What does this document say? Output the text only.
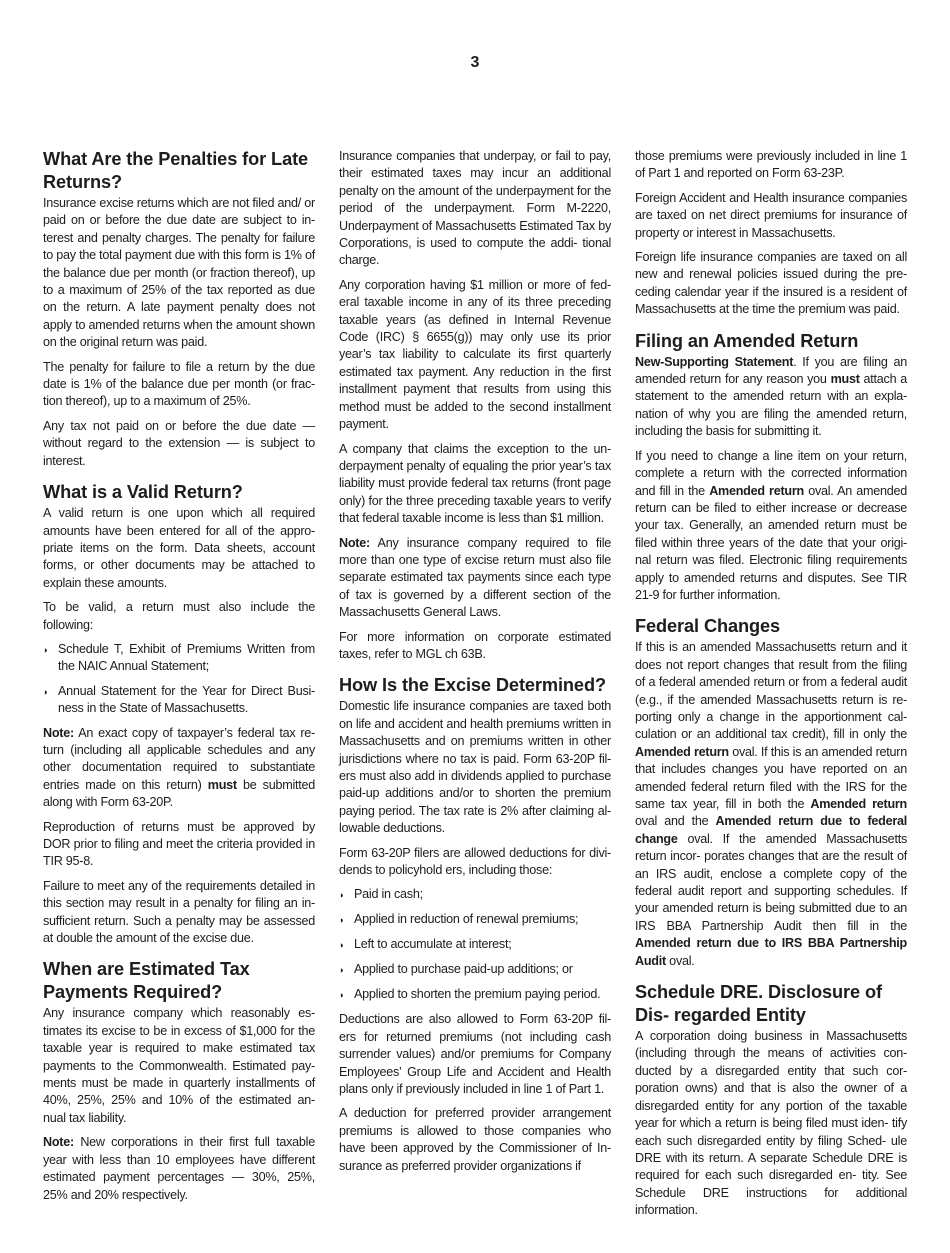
3
What Are the Penalties for Late Returns?

Insurance excise returns which are not filed and/ or paid on or before the due date are subject to in- terest and penalty charges. The penalty for failure to pay the total payment due with this form is 1% of the balance due per month (or fraction thereof), up to a maximum of 25% of the tax reported as due on the return. A late payment penalty does not apply to amended returns when the amount shown on the original return was paid.

The penalty for failure to file a return by the due date is 1% of the balance due per month (or frac- tion thereof), up to a maximum of 25%.

Any tax not paid on or before the due date — without regard to the extension — is subject to interest.

What is a Valid Return?

A valid return is one upon which all required amounts have been entered for all of the appro- priate items on the form. Data sheets, account forms, or other documents may be attached to explain these amounts.

To be valid, a return must also include the following:

◗ Schedule T, Exhibit of Premiums Written from the NAIC Annual Statement;
◗ Annual Statement for the Year for Direct Busi- ness in the State of Massachusetts.

Note: An exact copy of taxpayer’s federal tax re- turn (including all applicable schedules and any other documentation required to substantiate entries made on this return) must be submitted along with Form 63-20P.

Reproduction of returns must be approved by DOR prior to filing and meet the criteria provided in TIR 95-8.

Failure to meet any of the requirements detailed in this section may result in a penalty for filing an in- sufficient return. Such a penalty may be assessed at double the amount of the excise due.

When are Estimated Tax Payments Required?

Any insurance company which reasonably es- timates its excise to be in excess of $1,000 for the taxable year is required to make estimated tax payments to the Commonwealth. Estimated pay- ments must be made in quarterly installments of 40%, 25%, 25% and 10% of the estimated an- nual tax liability.

Note: New corporations in their first full taxable year with less than 10 employees have different estimated payment percentages — 30%, 25%, 25% and 20% respectively.

Insurance companies that underpay, or fail to pay, their estimated taxes may incur an additional penalty on the amount of the underpayment for the period of the underpayment. Form M-2220, Underpayment of Massachusetts Estimated Tax by Corporations, is used to compute the addi- tional charge.

Any corporation having $1 million or more of fed- eral taxable income in any of its three preceding taxable years (as defined in Internal Revenue Code (IRC) § 6655(g)) may only use its prior year’s tax liability to calculate its first quarterly estimated tax payment. Any reduction in the first installment payment that results from using this method must be added to the second installment payment.

A company that claims the exception to the un- derpayment penalty of equaling the prior year’s tax liability must provide federal tax returns (front page only) for the three preceding taxable years to verify that federal taxable income is less than $1 million.

Note: Any insurance company required to file more than one type of excise return must also file separate estimated tax payments since each type of tax is governed by a different section of the Massachusetts General Laws.

For more information on corporate estimated taxes, refer to MGL ch 63B.

How Is the Excise Determined?

Domestic life insurance companies are taxed both on life and accident and health premiums written in Massachusetts and on premiums written in other jurisdictions where no tax is paid. Form 63-20P fil- ers must also add in dividends applied to purchase paid-up additions and/or to shorten the premium paying period. The tax rate is 2% after claiming al- lowable deductions.

Form 63-20P filers are allowed deductions for divi- dends to policyhold ers, including those:

◗ Paid in cash;
◗ Applied in reduction of renewal premiums;
◗ Left to accumulate at interest;
◗ Applied to purchase paid-up additions; or
◗ Applied to shorten the premium paying period.

Deductions are also allowed to Form 63-20P fil- ers for returned premiums (not including cash surrender values) and/or premiums for Company Employees’ Group Life and Accident and Health plans only if previously included in line 1 of Part 1.

A deduction for preferred provider arrangement premiums is allowed to those companies who have been approved by the Commissioner of In- surance as preferred provider organizations if

those premiums were previously included in line 1 of Part 1 and reported on Form 63-23P.

Foreign Accident and Health insurance companies are taxed on net direct premiums for insurance of property or interest in Massachusetts.

Foreign life insurance companies are taxed on all new and renewal policies issued during the pre- ceding calendar year if the insured is a resident of Massachusetts at the time the premium was paid.

Filing an Amended Return

New-Supporting Statement. If you are filing an amended return for any reason you must attach a statement to the amended return with an expla- nation of why you are filing the amended return, including the basis for submitting it.

If you need to change a line item on your return, complete a return with the corrected information and fill in the Amended return oval. An amended return can be filed to either increase or decrease your tax. Generally, an amended return must be filed within three years of the date that your origi- nal return was filed. Electronic filing requirements apply to amended returns and disputes. See TIR 21-9 for further information.

Federal Changes

If this is an amended Massachusetts return and it does not report changes that result from the filing of a federal amended return or from a federal audit (e.g., if the amended Massachusetts return is re- porting only a change in the apportionment cal- culation or an additional tax credit), fill in only the Amended return oval. If this is an amended return that includes changes you have reported on an amended federal return filed with the IRS for the same tax year, fill in both the Amended return oval and the Amended return due to federal change oval. If the amended Massachusetts return incor- porates changes that are the result of an IRS audit, enclose a complete copy of the federal audit report and supporting schedules. If your amended return is being submitted due to an IRS BBA Partnership Audit then fill in the Amended return due to IRS BBA Partnership Audit oval.

Schedule DRE. Disclosure of Dis- regarded Entity

A corporation doing business in Massachusetts (including through the means of activities con- ducted by a disregarded entity that such cor- poration owns) and that is also the owner of a disregarded entity for any portion of the taxable year for which a return is being filed must iden- tify each such disregarded entity by filing Sched- ule DRE with its return. A separate Schedule DRE is required for each such disregarded en- tity. See Schedule DRE instructions for additional information.
